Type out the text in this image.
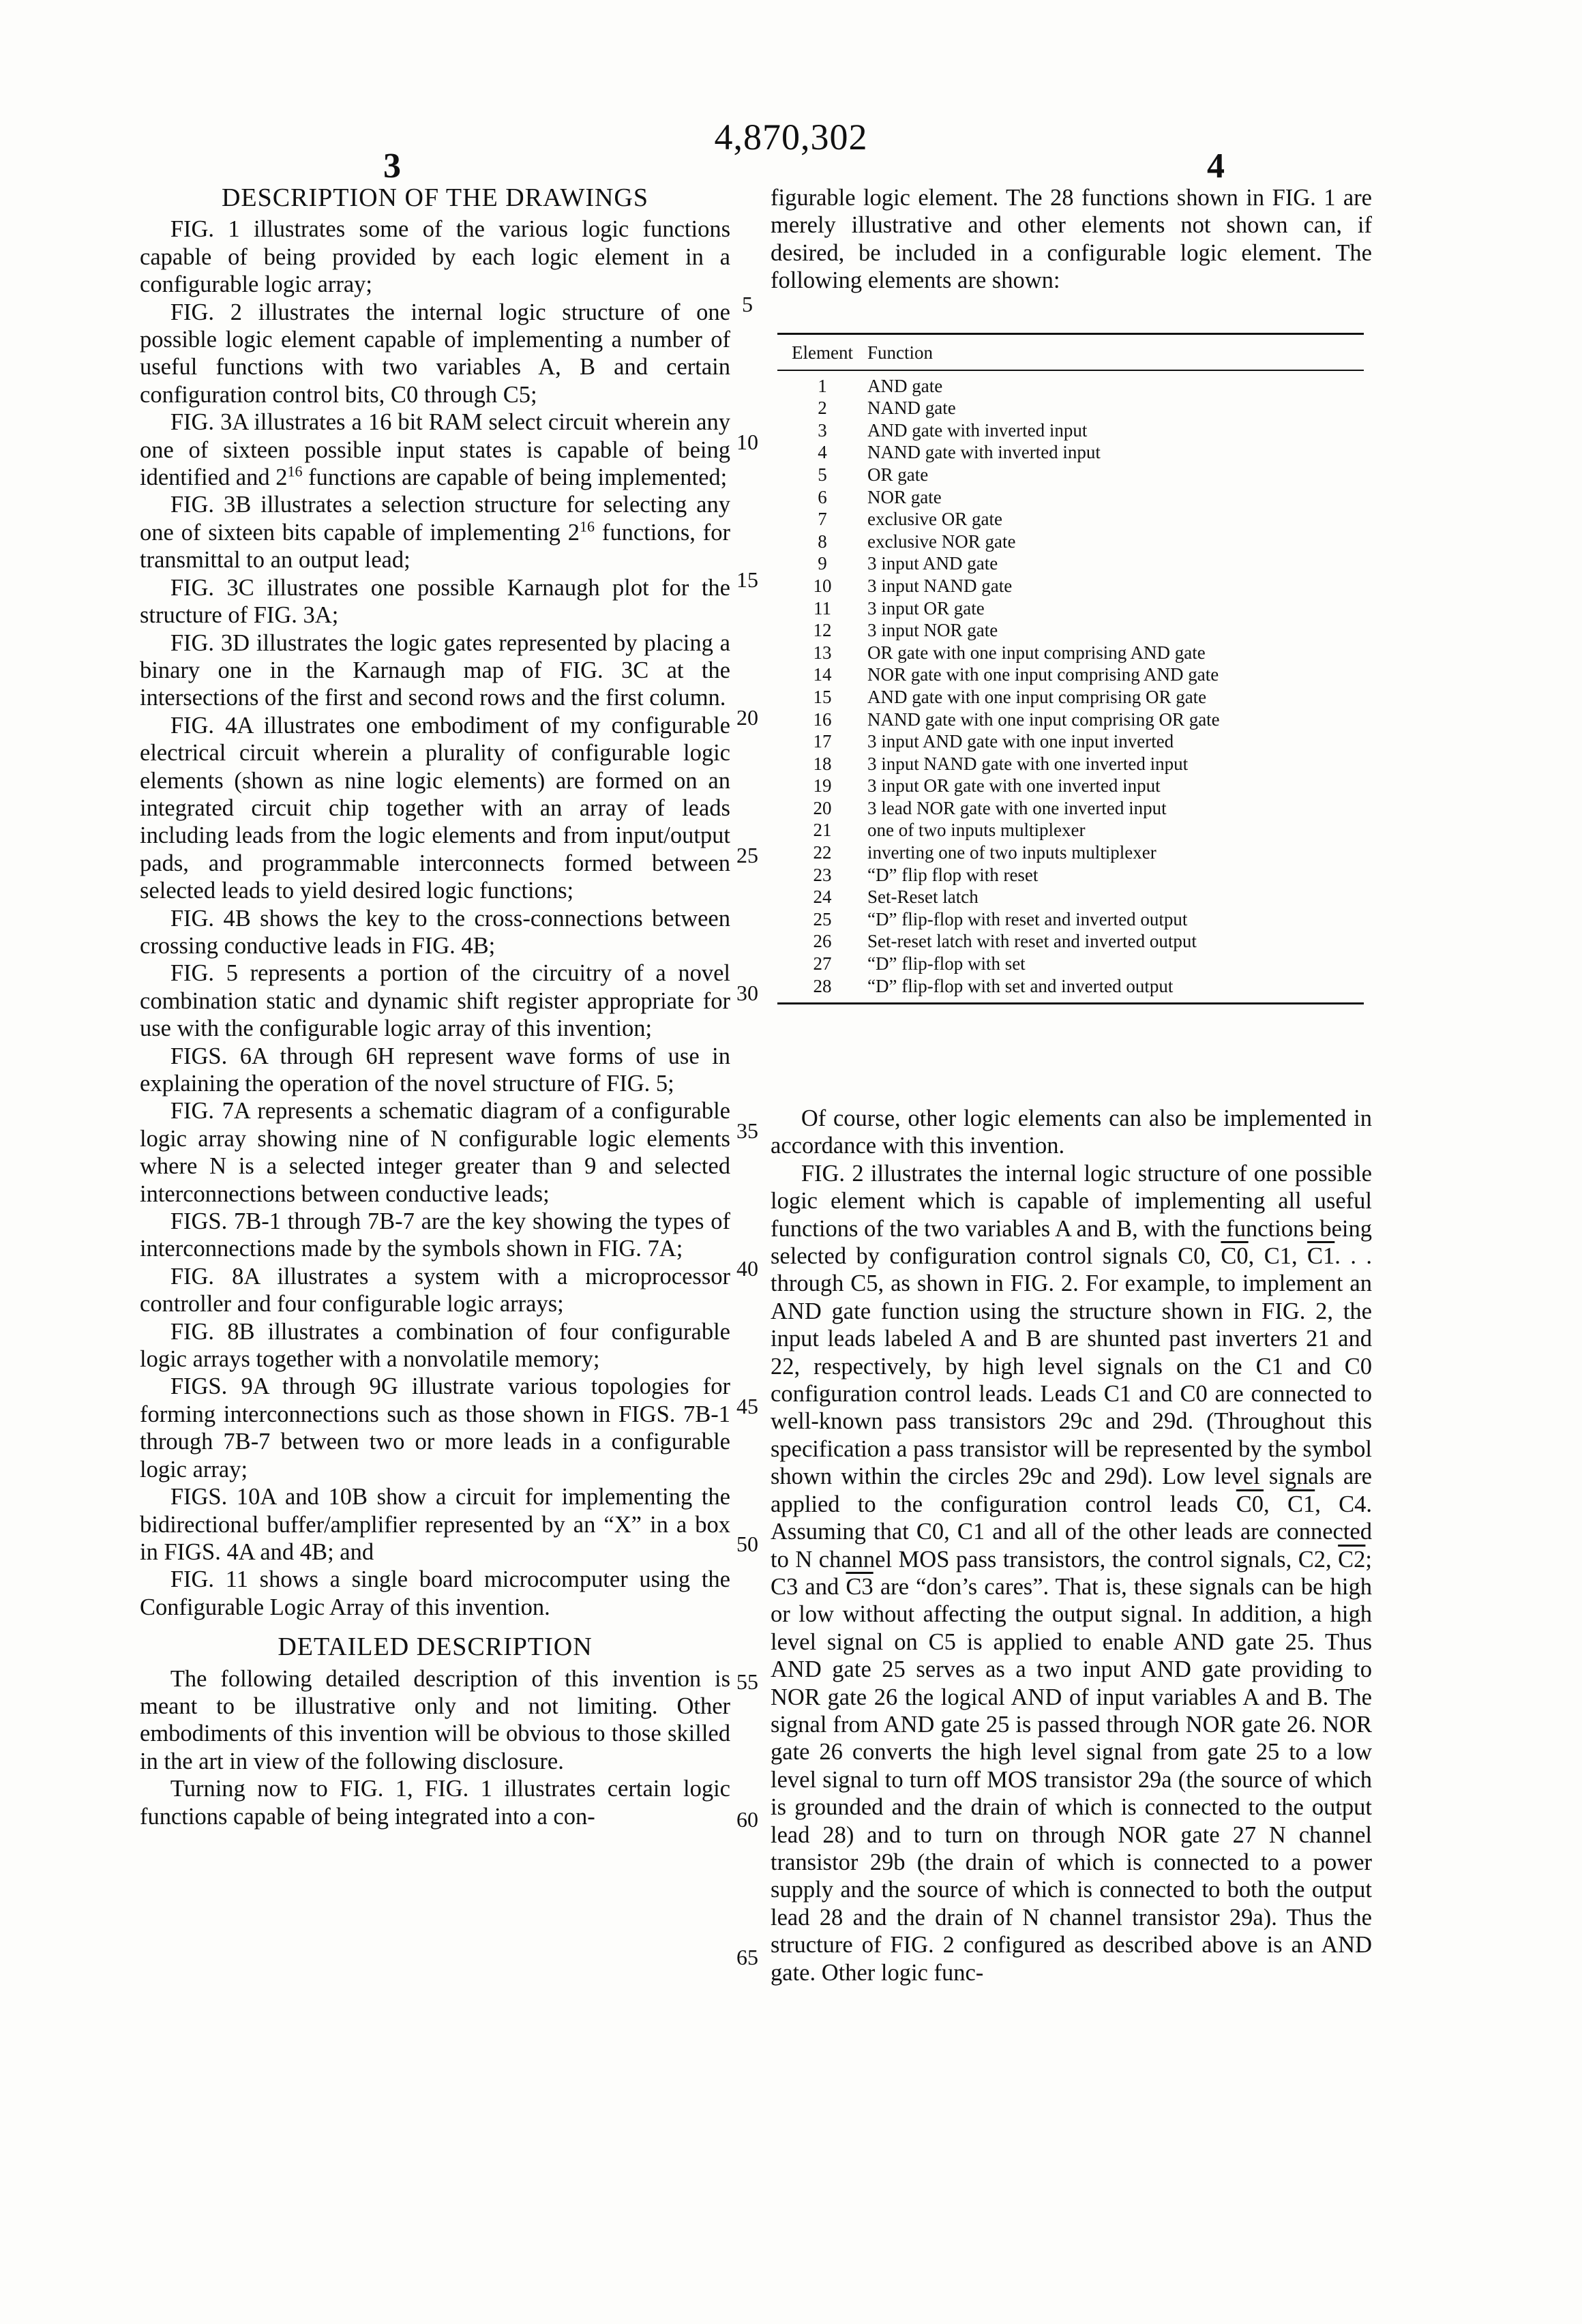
4,870,302
3	4
DESCRIPTION OF THE DRAWINGS

FIG. 1 illustrates some of the various logic functions capable of being provided by each logic element in a configurable logic array;

FIG. 2 illustrates the internal logic structure of one possible logic element capable of implementing a number of useful functions with two variables A, B and certain configuration control bits, C0 through C5;

FIG. 3A illustrates a 16 bit RAM select circuit wherein any one of sixteen possible input states is capable of being identified and $2^{16}$ functions are capable of being implemented;

FIG. 3B illustrates a selection structure for selecting any one of sixteen bits capable of implementing $2^{16}$ functions, for transmittal to an output lead;

FIG. 3C illustrates one possible Karnaugh plot for the structure of FIG. 3A;

FIG. 3D illustrates the logic gates represented by placing a binary one in the Karnaugh map of FIG. 3C at the intersections of the first and second rows and the first column.

FIG. 4A illustrates one embodiment of my configurable electrical circuit wherein a plurality of configurable logic elements (shown as nine logic elements) are formed on an integrated circuit chip together with an array of leads including leads from the logic elements and from input/output pads, and programmable interconnects formed between selected leads to yield desired logic functions;

FIG. 4B shows the key to the cross-connections between crossing conductive leads in FIG. 4B;

FIG. 5 represents a portion of the circuitry of a novel combination static and dynamic shift register appropriate for use with the configurable logic array of this invention;

FIGS. 6A through 6H represent wave forms of use in explaining the operation of the novel structure of FIG. 5;

FIG. 7A represents a schematic diagram of a configurable logic array showing nine of N configurable logic elements where N is a selected integer greater than 9 and selected interconnections between conductive leads;

FIGS. 7B-1 through 7B-7 are the key showing the types of interconnections made by the symbols shown in FIG. 7A;

FIG. 8A illustrates a system with a microprocessor controller and four configurable logic arrays;

FIG. 8B illustrates a combination of four configurable logic arrays together with a nonvolatile memory;

FIGS. 9A through 9G illustrate various topologies for forming interconnections such as those shown in FIGS. 7B-1 through 7B-7 between two or more leads in a configurable logic array;

FIGS. 10A and 10B show a circuit for implementing the bidirectional buffer/amplifier represented by an “X” in a box in FIGS. 4A and 4B; and

FIG. 11 shows a single board microcomputer using the Configurable Logic Array of this invention.

DETAILED DESCRIPTION

The following detailed description of this invention is meant to be illustrative only and not limiting. Other embodiments of this invention will be obvious to those skilled in the art in view of the following disclosure.

Turning now to FIG. 1, FIG. 1 illustrates certain logic functions capable of being integrated into a con-

5
10
15
20
25
30
35
40
45
50
55
60
65

figurable logic element. The 28 functions shown in FIG. 1 are merely illustrative and other elements not shown can, if desired, be included in a configurable logic element. The following elements are shown:

Element	Function
1	AND gate
2	NAND gate
3	AND gate with inverted input
4	NAND gate with inverted input
5	OR gate
6	NOR gate
7	exclusive OR gate
8	exclusive NOR gate
9	3 input AND gate
10	3 input NAND gate
11	3 input OR gate
12	3 input NOR gate
13	OR gate with one input comprising AND gate
14	NOR gate with one input comprising AND gate
15	AND gate with one input comprising OR gate
16	NAND gate with one input comprising OR gate
17	3 input AND gate with one input inverted
18	3 input NAND gate with one inverted input
19	3 input OR gate with one inverted input
20	3 lead NOR gate with one inverted input
21	one of two inputs multiplexer
22	inverting one of two inputs multiplexer
23	“D” flip flop with reset
24	Set-Reset latch
25	“D” flip-flop with reset and inverted output
26	Set-reset latch with reset and inverted output
27	“D” flip-flop with set
28	“D” flip-flop with set and inverted output

Of course, other logic elements can also be implemented in accordance with this invention.

FIG. 2 illustrates the internal logic structure of one possible logic element which is capable of implementing all useful functions of the two variables A and B, with the functions being selected by configuration control signals C0, C0, C1, C1. . . through C5, as shown in FIG. 2. For example, to implement an AND gate function using the structure shown in FIG. 2, the input leads labeled A and B are shunted past inverters 21 and 22, respectively, by high level signals on the C1 and C0 configuration control leads. Leads C1 and C0 are connected to well-known pass transistors 29c and 29d. (Throughout this specification a pass transistor will be represented by the symbol shown within the circles 29c and 29d). Low level signals are applied to the configuration control leads C0, C1, C4. Assuming that C0, C1 and all of the other leads are connected to N channel MOS pass transistors, the control signals, C2, C2; C3 and C3 are “don’s cares”. That is, these signals can be high or low without affecting the output signal. In addition, a high level signal on C5 is applied to enable AND gate 25. Thus AND gate 25 serves as a two input AND gate providing to NOR gate 26 the logical AND of input variables A and B. The signal from AND gate 25 is passed through NOR gate 26. NOR gate 26 converts the high level signal from gate 25 to a low level signal to turn off MOS transistor 29a (the source of which is grounded and the drain of which is connected to the output lead 28) and to turn on through NOR gate 27 N channel transistor 29b (the drain of which is connected to a power supply and the source of which is connected to both the output lead 28 and the drain of N channel transistor 29a). Thus the structure of FIG. 2 configured as described above is an AND gate. Other logic func-
